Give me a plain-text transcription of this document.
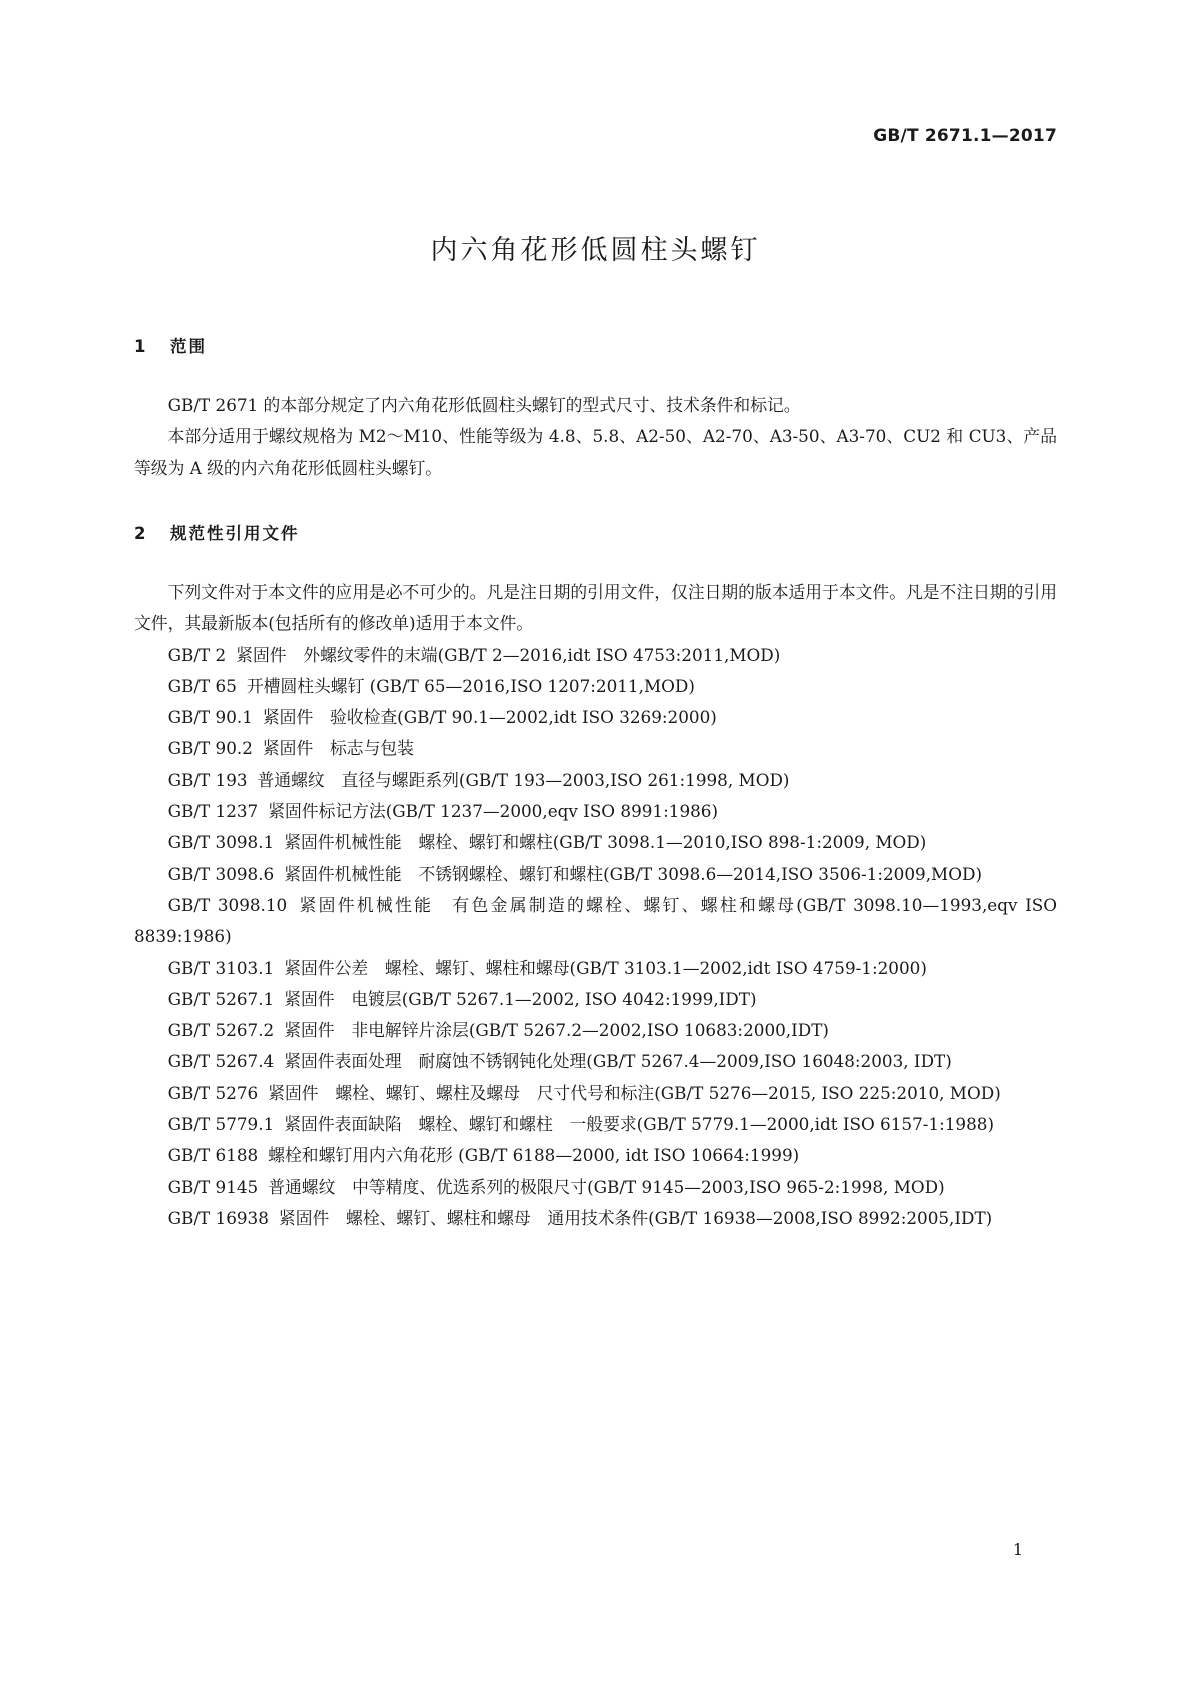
GB/T 2671.1—2017
内六角花形低圆柱头螺钉
1 范围

GB/T 2671 的本部分规定了内六角花形低圆柱头螺钉的型式尺寸、技术条件和标记。

本部分适用于螺纹规格为 M2～M10、性能等级为 4.8、5.8、A2-50、A2-70、A3-50、A3-70、CU2 和 CU3、产品等级为 A 级的内六角花形低圆柱头螺钉。

2 规范性引用文件

下列文件对于本文件的应用是必不可少的。凡是注日期的引用文件，仅注日期的版本适用于本文件。凡是不注日期的引用文件，其最新版本(包括所有的修改单)适用于本文件。

GB/T 2 紧固件　外螺纹零件的末端(GB/T 2—2016,idt ISO 4753:2011,MOD)

GB/T 65 开槽圆柱头螺钉 (GB/T 65—2016,ISO 1207:2011,MOD)

GB/T 90.1 紧固件　验收检查(GB/T 90.1—2002,idt ISO 3269:2000)

GB/T 90.2 紧固件　标志与包装

GB/T 193 普通螺纹　直径与螺距系列(GB/T 193—2003,ISO 261:1998, MOD)

GB/T 1237 紧固件标记方法(GB/T 1237—2000,eqv ISO 8991:1986)

GB/T 3098.1 紧固件机械性能　螺栓、螺钉和螺柱(GB/T 3098.1—2010,ISO 898-1:2009, MOD)

GB/T 3098.6 紧固件机械性能　不锈钢螺栓、螺钉和螺柱(GB/T 3098.6—2014,ISO 3506-1:2009,MOD)

GB/T 3098.10 紧固件机械性能　有色金属制造的螺栓、螺钉、螺柱和螺母(GB/T 3098.10—1993,eqv ISO 8839:1986)

GB/T 3103.1 紧固件公差　螺栓、螺钉、螺柱和螺母(GB/T 3103.1—2002,idt ISO 4759-1:2000)

GB/T 5267.1 紧固件　电镀层(GB/T 5267.1—2002, ISO 4042:1999,IDT)

GB/T 5267.2 紧固件　非电解锌片涂层(GB/T 5267.2—2002,ISO 10683:2000,IDT)

GB/T 5267.4 紧固件表面处理　耐腐蚀不锈钢钝化处理(GB/T 5267.4—2009,ISO 16048:2003, IDT)

GB/T 5276 紧固件　螺栓、螺钉、螺柱及螺母　尺寸代号和标注(GB/T 5276—2015, ISO 225:2010, MOD)

GB/T 5779.1 紧固件表面缺陷　螺栓、螺钉和螺柱　一般要求(GB/T 5779.1—2000,idt ISO 6157-1:1988)

GB/T 6188 螺栓和螺钉用内六角花形 (GB/T 6188—2000, idt ISO 10664:1999)

GB/T 9145 普通螺纹　中等精度、优选系列的极限尺寸(GB/T 9145—2003,ISO 965-2:1998, MOD)

GB/T 16938 紧固件　螺栓、螺钉、螺柱和螺母　通用技术条件(GB/T 16938—2008,ISO 8992:2005,IDT)

1
